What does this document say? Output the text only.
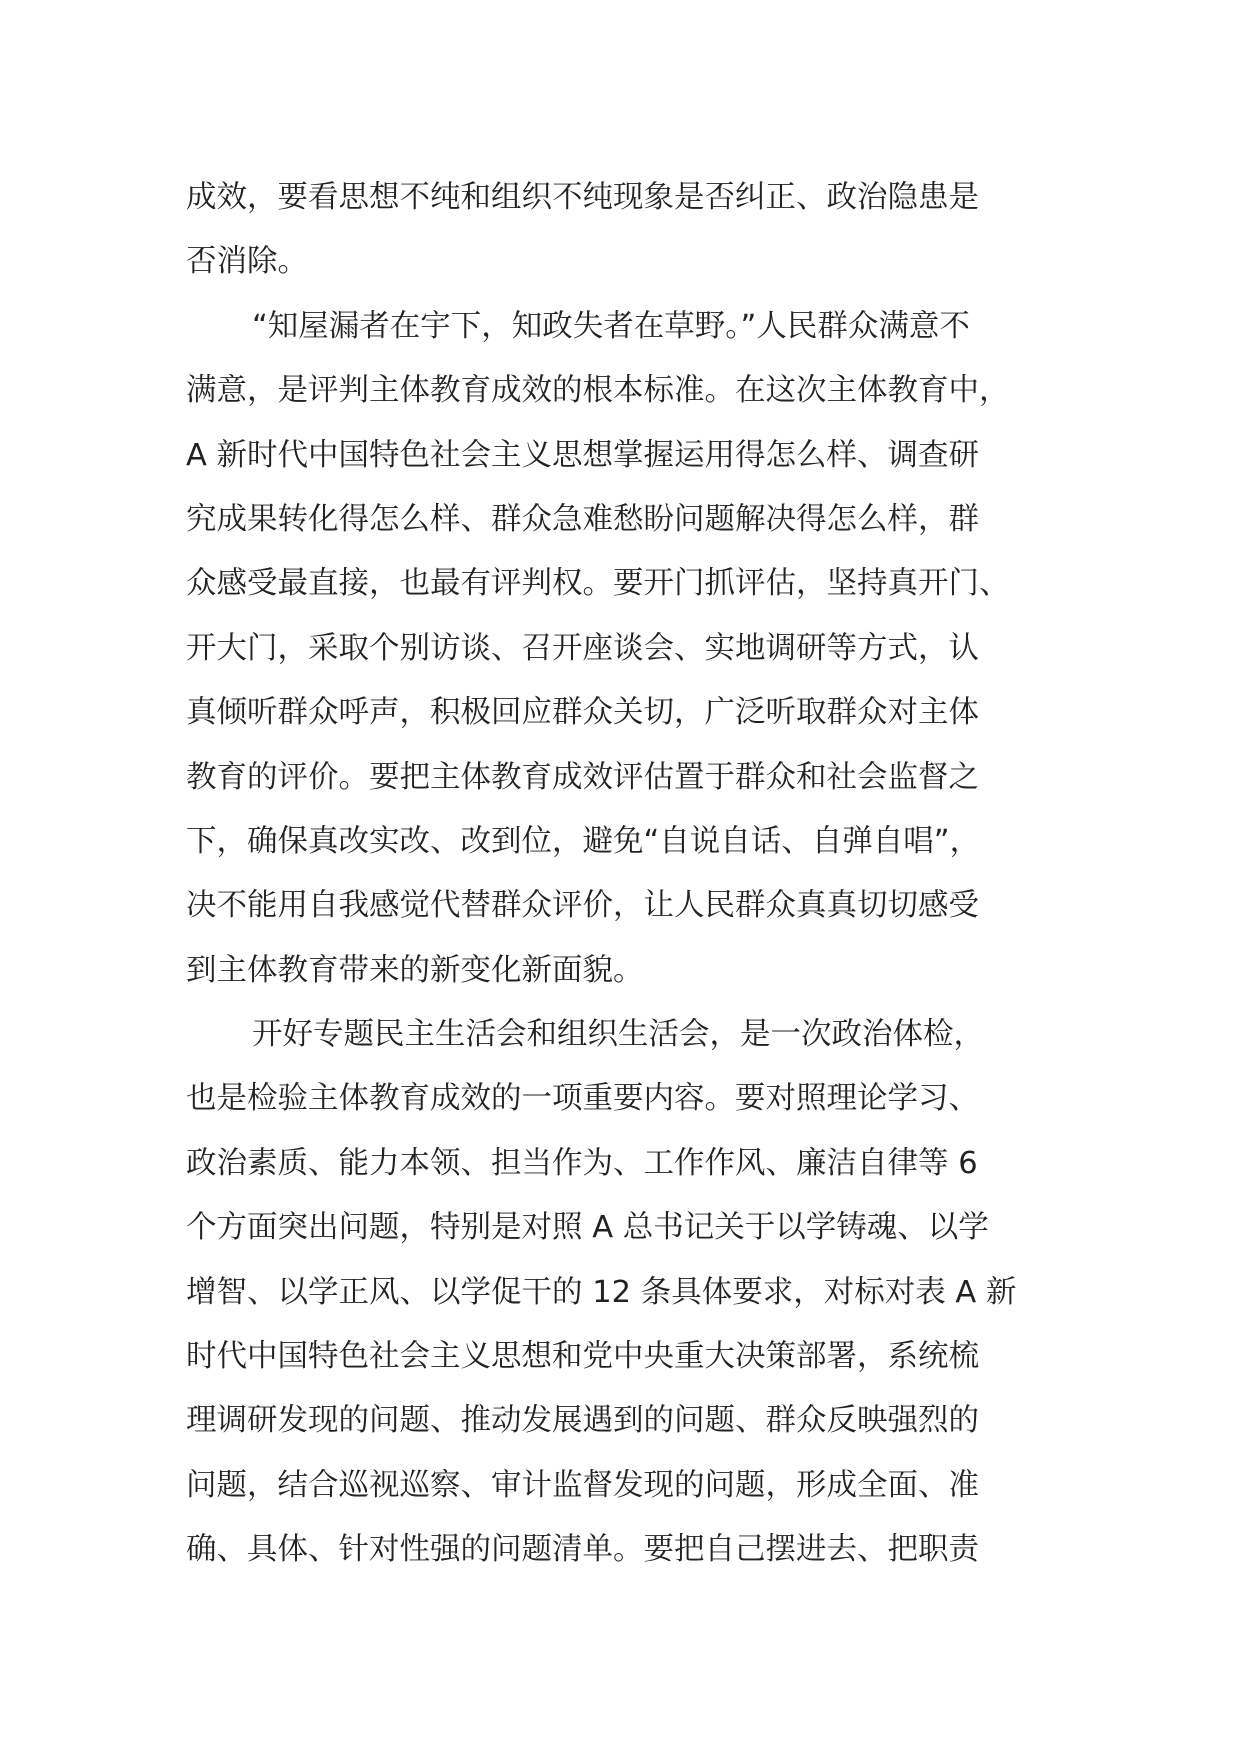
成效，要看思想不纯和组织不纯现象是否纠正、政治隐患是
否消除。
“知屋漏者在宇下，知政失者在草野。”人民群众满意不
满意，是评判主体教育成效的根本标准。在这次主体教育中，
A 新时代中国特色社会主义思想掌握运用得怎么样、调查研
究成果转化得怎么样、群众急难愁盼问题解决得怎么样，群
众感受最直接，也最有评判权。要开门抓评估，坚持真开门、
开大门，采取个别访谈、召开座谈会、实地调研等方式，认
真倾听群众呼声，积极回应群众关切，广泛听取群众对主体
教育的评价。要把主体教育成效评估置于群众和社会监督之
下，确保真改实改、改到位，避免“自说自话、自弹自唱”，
决不能用自我感觉代替群众评价，让人民群众真真切切感受
到主体教育带来的新变化新面貌。
开好专题民主生活会和组织生活会，是一次政治体检，
也是检验主体教育成效的一项重要内容。要对照理论学习、
政治素质、能力本领、担当作为、工作作风、廉洁自律等 6
个方面突出问题，特别是对照 A 总书记关于以学铸魂、以学
增智、以学正风、以学促干的 12 条具体要求，对标对表 A 新
时代中国特色社会主义思想和党中央重大决策部署，系统梳
理调研发现的问题、推动发展遇到的问题、群众反映强烈的
问题，结合巡视巡察、审计监督发现的问题，形成全面、准
确、具体、针对性强的问题清单。要把自己摆进去、把职责
